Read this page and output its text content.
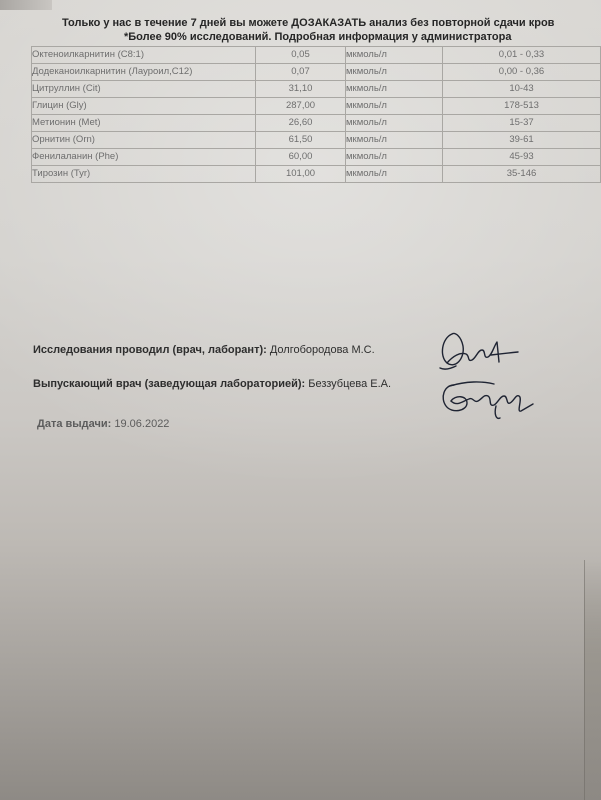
Только у нас в течение 7 дней вы можете ДОЗАКАЗАТЬ анализ без повторной сдачи кров
*Более 90% исследований. Подробная информация у администратора
Октеноилкарнитин (C8:1)	0,05	мкмоль/л	0,01 - 0,33
Додеканоилкарнитин (Лауроил,C12)	0,07	мкмоль/л	0,00 - 0,36
Цитруллин (Cit)	31,10	мкмоль/л	10-43
Глицин (Gly)	287,00	мкмоль/л	178-513
Метионин (Met)	26,60	мкмоль/л	15-37
Орнитин (Orn)	61,50	мкмоль/л	39-61
Фенилаланин (Phe)	60,00	мкмоль/л	45-93
Тирозин (Tyr)	101,00	мкмоль/л	35-146
Исследования проводил (врач, лаборант): Долгобородова М.С.
Выпускающий врач (заведующая лабораторией): Беззубцева Е.А.
Дата выдачи: 19.06.2022
